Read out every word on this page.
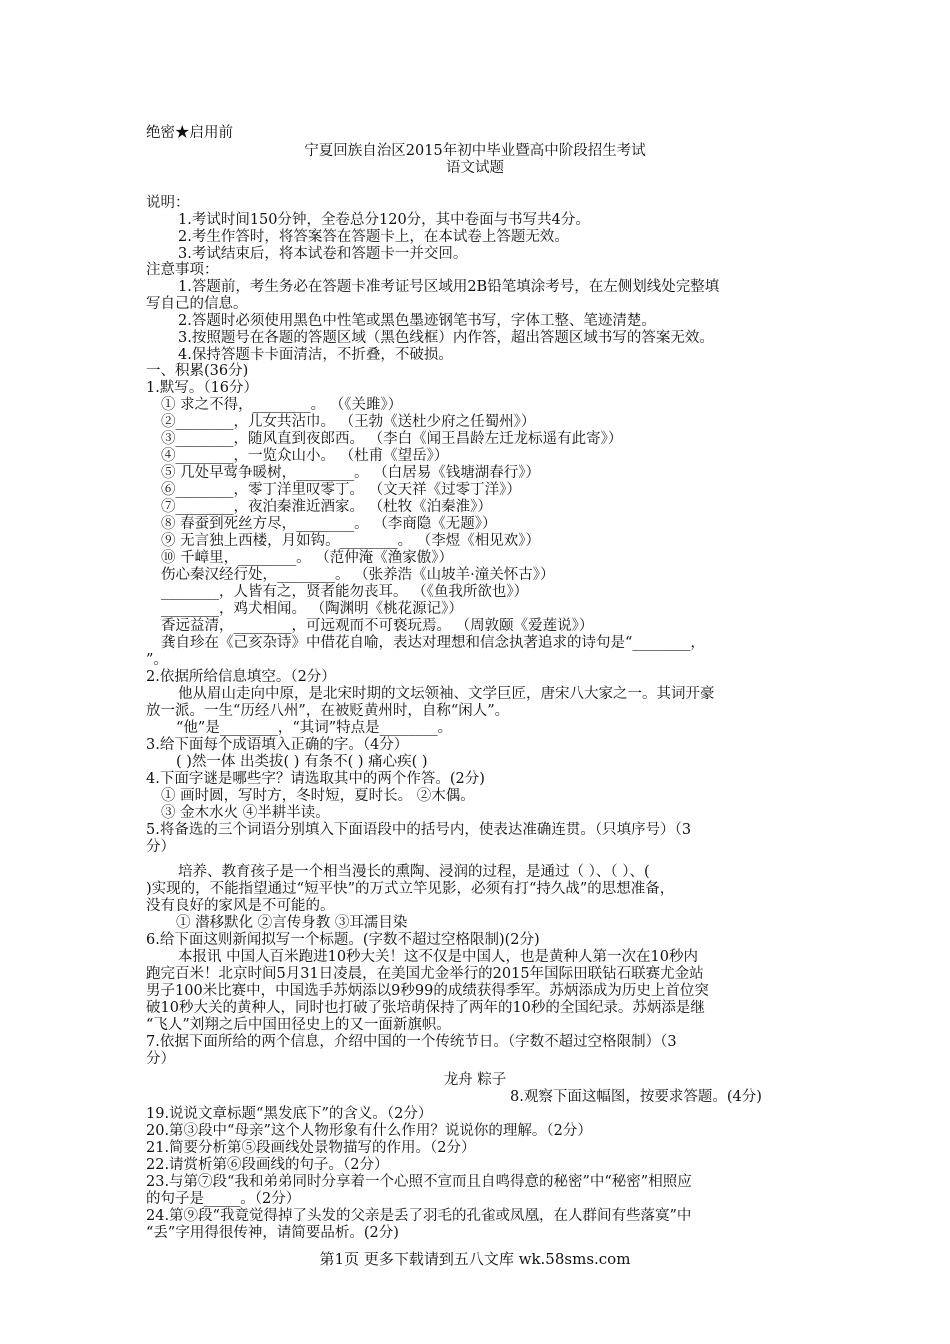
绝密★启用前
宁夏回族自治区2015年初中毕业暨高中阶段招生考试
语文试题
说明：
1.考试时间150分钟，全卷总分120分，其中卷面与书写共4分。
2.考生作答时，将答案答在答题卡上，在本试卷上答题无效。
3.考试结束后，将本试卷和答题卡一并交回。
注意事项：
1.答题前，考生务必在答题卡准考证号区域用2B铅笔填涂考号，在左侧划线处完整填
写自己的信息。
2.答题时必须使用黑色中性笔或黑色墨迹钢笔书写，字体工整、笔迹清楚。
3.按照题号在各题的答题区域（黑色线框）内作答，超出答题区域书写的答案无效。
4.保持答题卡卡面清洁，不折叠，不破损。
一、积累(36分)
1.默写。（16分）
① 求之不得，________。 （《关雎》）
②________，儿女共沾巾。 （王勃《送杜少府之任蜀州》）
③________，随风直到夜郎西。 （李白《闻王昌龄左迁龙标遥有此寄》）
④________，一览众山小。 （杜甫《望岳》）
⑤ 几处早莺争暖树，________。 （白居易《钱塘湖春行》）
⑥________，零丁洋里叹零丁。 （文天祥《过零丁洋》）
⑦________，夜泊秦淮近酒家。 （杜牧《泊秦淮》）
⑧ 春蚕到死丝方尽，________。 （李商隐《无题》）
⑨ 无言独上西楼，月如钩。________。 （李煜《相见欢》）
⑩ 千嶂里，________。 （范仲淹《渔家傲》）
伤心秦汉经行处，________。 （张养浩《山坡羊·潼关怀古》）
________，人皆有之，贤者能勿丧耳。 （《鱼我所欲也》）
________，鸡犬相闻。 （陶渊明《桃花源记》）
香远益清，________，可远观而不可亵玩焉。 （周敦颐《爱莲说》）
龚自珍在《己亥杂诗》中借花自喻，表达对理想和信念执著追求的诗句是“________，
”。
2.依据所给信息填空。（2分）
他从眉山走向中原，是北宋时期的文坛领袖、文学巨匠，唐宋八大家之一。其词开豪
放一派。一生“历经八州”，在被贬黄州时，自称“闲人”。
“他”是________，“其词”特点是________。
3.给下面每个成语填入正确的字。（4分）
( )然一体 出类拔( ) 有条不( ) 痛心疾( )
4.下面字谜是哪些字？请选取其中的两个作答。(2分)
① 画时圆，写时方，冬时短，夏时长。 ②木偶。
③ 金木水火 ④半耕半读。
5.将备选的三个词语分别填入下面语段中的括号内，使表达准确连贯。（只填序号）（3
分）
培养、教育孩子是一个相当漫长的熏陶、浸润的过程，是通过（ ）、（ ）、(
)实现的，不能指望通过“短平快”的万式立竿见影，必须有打“持久战”的思想准备，
没有良好的家风是不可能的。
① 潜移默化 ②言传身教 ③耳濡目染
6.给下面这则新闻拟写一个标题。(字数不超过空格限制)(2分)
本报讯 中国人百米跑进10秒大关！这不仅是中国人，也是黄种人第一次在10秒内
跑完百米！北京时间5月31日凌晨，在美国尤金举行的2015年国际田联钻石联赛尤金站
男子100米比赛中，中国选手苏炳添以9秒99的成绩获得季军。苏炳添成为历史上首位突
破10秒大关的黄种人，同时也打破了张培萌保持了两年的10秒的全国纪录。苏炳添是继
“飞人”刘翔之后中国田径史上的又一面新旗帜。
7.依据下面所给的两个信息，介绍中国的一个传统节日。（字数不超过空格限制）（3
分）
龙舟 粽子
8.观察下面这幅图，按要求答题。(4分)
19.说说文章标题“黑发底下”的含义。（2分）
20.第③段中“母亲”这个人物形象有什么作用？说说你的理解。（2分）
21.简要分析第⑤段画线处景物描写的作用。（2分）
22.请赏析第⑥段画线的句子。（2分）
23.与第⑦段“我和弟弟同时分享着一个心照不宣而且自鸣得意的秘密”中“秘密”相照应
的句子是_____。（2分）
24.第⑨段“我竟觉得掉了头发的父亲是丢了羽毛的孔雀或凤凰，在人群间有些落寞”中
“丢”字用得很传神，请简要品析。(2分)
第1页 更多下载请到五八文库 wk.58sms.com
